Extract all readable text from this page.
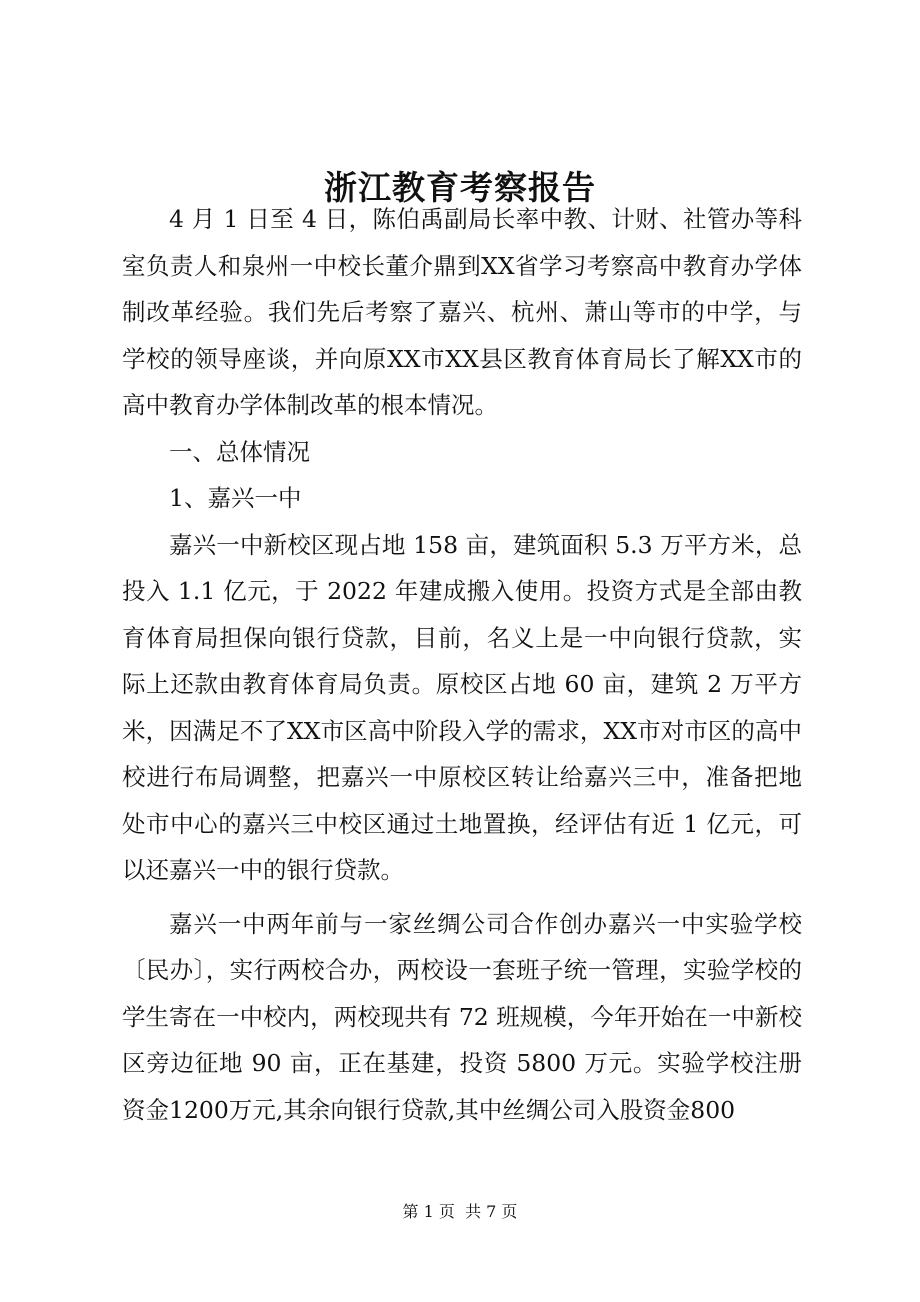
浙江教育考察报告

4 月 1 日至 4 日，陈伯禹副局长率中教、计财、社管办等科室负责人和泉州一中校长董介鼎到XX省学习考察高中教育办学体制改革经验。我们先后考察了嘉兴、杭州、萧山等市的中学，与学校的领导座谈，并向原XX市XX县区教育体育局长了解XX市的高中教育办学体制改革的根本情况。

一、总体情况

1、嘉兴一中

嘉兴一中新校区现占地 158 亩，建筑面积 5.3 万平方米，总投入 1.1 亿元，于 2022 年建成搬入使用。投资方式是全部由教育体育局担保向银行贷款，目前，名义上是一中向银行贷款，实际上还款由教育体育局负责。原校区占地 60 亩，建筑 2 万平方米，因满足不了XX市区高中阶段入学的需求，XX市对市区的高中校进行布局调整，把嘉兴一中原校区转让给嘉兴三中，准备把地处市中心的嘉兴三中校区通过土地置换，经评估有近 1 亿元，可以还嘉兴一中的银行贷款。

嘉兴一中两年前与一家丝绸公司合作创办嘉兴一中实验学校〔民办〕，实行两校合办，两校设一套班子统一管理，实验学校的学生寄在一中校内，两校现共有 72 班规模，今年开始在一中新校区旁边征地 90 亩，正在基建，投资 5800 万元。实验学校注册资金1200万元,其余向银行贷款,其中丝绸公司入股资金800

第 1 页  共 7 页
